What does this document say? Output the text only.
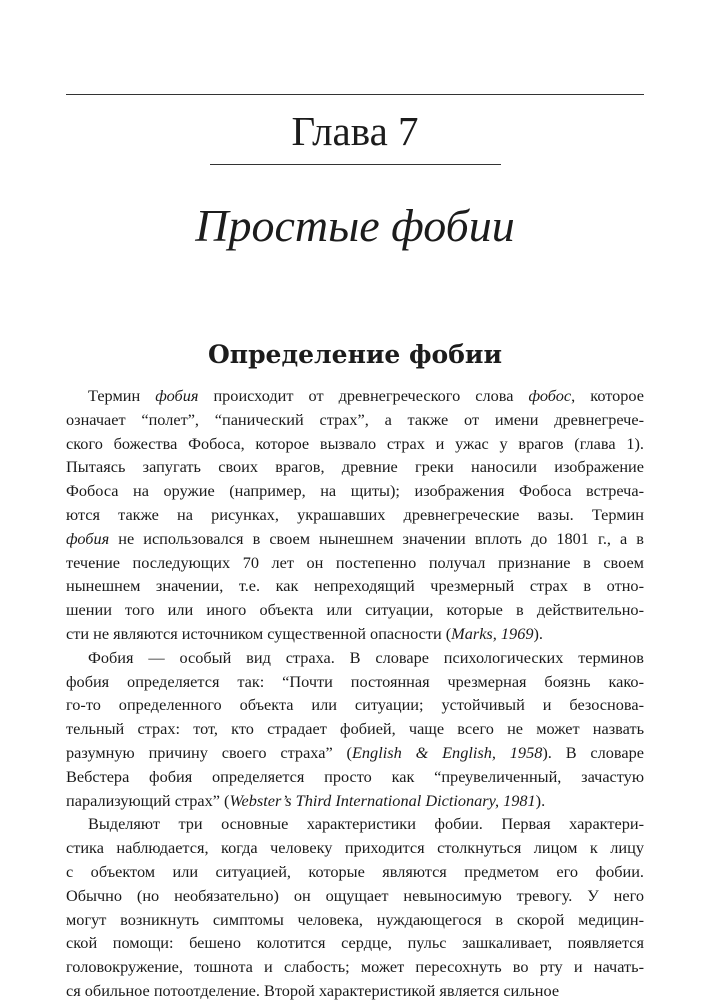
Глава 7
Простые фобии
Определение фобии
Термин фобия происходит от древнегреческого слова фобос, которое
означает “полет”, “панический страх”, а также от имени древнегрече-
ского божества Фобоса, которое вызвало страх и ужас у врагов (глава 1).
Пытаясь запугать своих врагов, древние греки наносили изображение
Фобоса на оружие (например, на щиты); изображения Фобоса встреча-
ются также на рисунках, украшавших древнегреческие вазы. Термин
фобия не использовался в своем нынешнем значении вплоть до 1801 г., а в
течение последующих 70 лет он постепенно получал признание в своем
нынешнем значении, т.е. как непреходящий чрезмерный страх в отно-
шении того или иного объекта или ситуации, которые в действительно-
сти не являются источником существенной опасности (Marks, 1969).
Фобия — особый вид страха. В словаре психологических терминов
фобия определяется так: “Почти постоянная чрезмерная боязнь како-
го-то определенного объекта или ситуации; устойчивый и безоснова-
тельный страх: тот, кто страдает фобией, чаще всего не может назвать
разумную причину своего страха” (English & English, 1958). В словаре
Вебстера фобия определяется просто как “преувеличенный, зачастую
парализующий страх” (Webster’s Third International Dictionary, 1981).
Выделяют три основные характеристики фобии. Первая характери-
стика наблюдается, когда человеку приходится столкнуться лицом к лицу
с объектом или ситуацией, которые являются предметом его фобии.
Обычно (но необязательно) он ощущает невыносимую тревогу. У него
могут возникнуть симптомы человека, нуждающегося в скорой медицин-
ской помощи: бешено колотится сердце, пульс зашкаливает, появляется
головокружение, тошнота и слабость; может пересохнуть во рту и начать-
ся обильное потоотделение. Второй характеристикой является сильное
